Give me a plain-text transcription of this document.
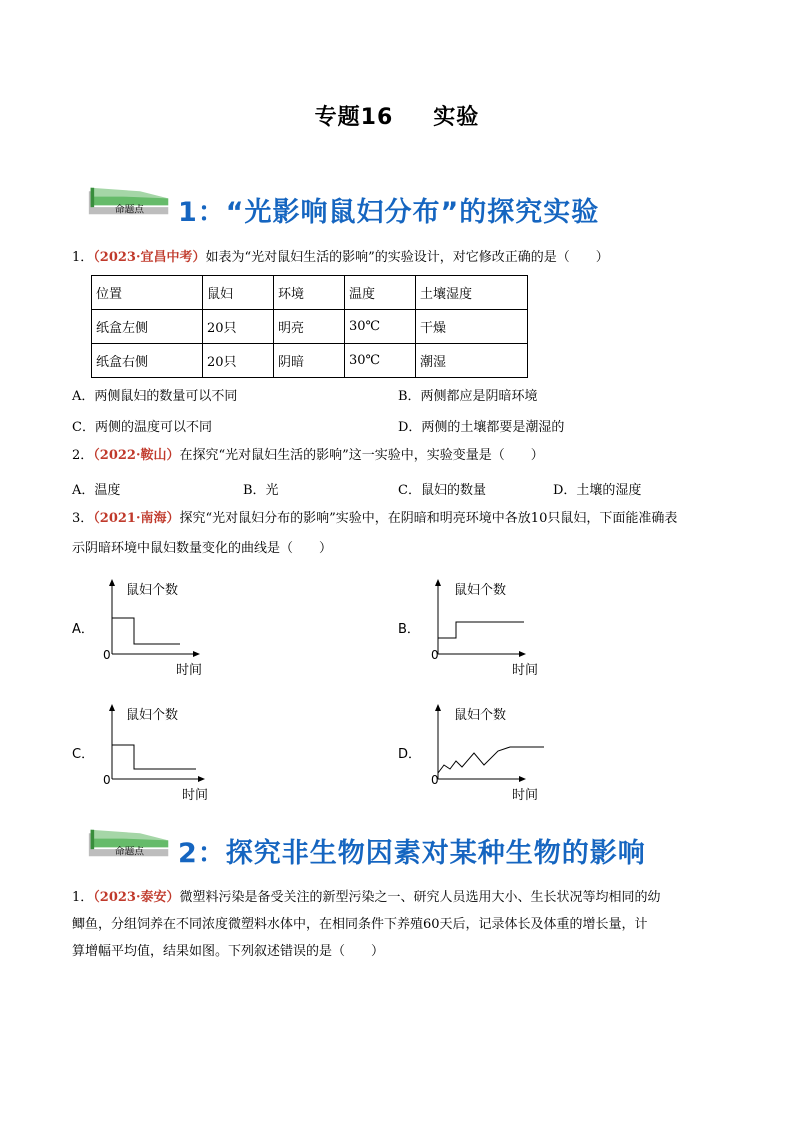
专题16 实验
命题点 1：“光影响鼠妇分布”的探究实验
1．（2023·宜昌中考）如表为“光对鼠妇生活的影响”的实验设计，对它修改正确的是（　　）
位置	鼠妇	环境	温度	土壤湿度
纸盒左侧	20只	明亮	30℃	干燥
纸盒右侧	20只	阴暗	30℃	潮湿
A．两侧鼠妇的数量可以不同	B．两侧都应是阴暗环境
C．两侧的温度可以不同	D．两侧的土壤都要是潮湿的
2．（2022·鞍山）在探究“光对鼠妇生活的影响”这一实验中，实验变量是（　　）
A．温度	B．光	C．鼠妇的数量	D．土壤的湿度
3．（2021·南海）探究“光对鼠妇分布的影响”实验中，在阴暗和明亮环境中各放10只鼠妇，下面能准确表
示阴暗环境中鼠妇数量变化的曲线是（　　）
A．
鼠妇个数
0
时间
B．
鼠妇个数
0
时间
C．
鼠妇个数
0
时间
D．
鼠妇个数
0
时间
命题点 2：探究非生物因素对某种生物的影响
1．（2023·泰安）微塑料污染是备受关注的新型污染之一、研究人员选用大小、生长状况等均相同的幼
鲫鱼，分组饲养在不同浓度微塑料水体中，在相同条件下养殖60天后，记录体长及体重的增长量，计
算增幅平均值，结果如图。下列叙述错误的是（　　）
